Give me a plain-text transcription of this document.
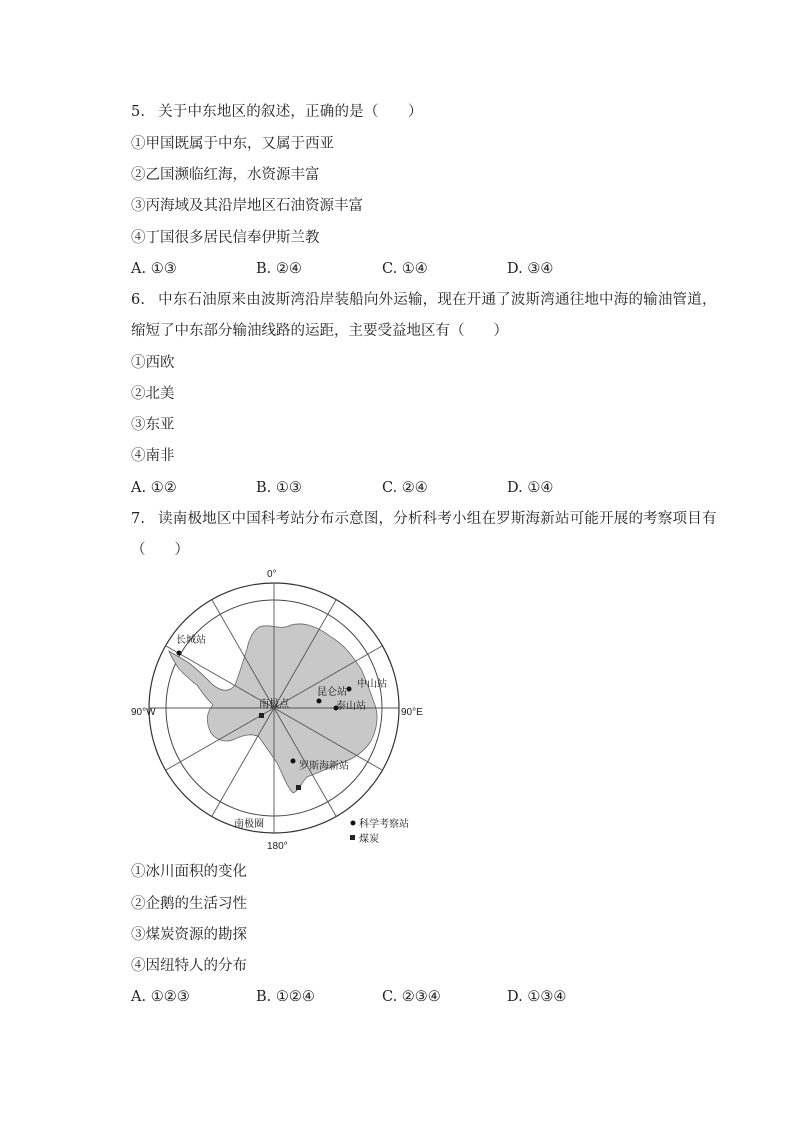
5. 关于中东地区的叙述，正确的是（　　）
①甲国既属于中东，又属于西亚
②乙国濒临红海，水资源丰富
③丙海域及其沿岸地区石油资源丰富
④丁国很多居民信奉伊斯兰教
A. ①③	B. ②④	C. ①④	D. ③④
6. 中东石油原来由波斯湾沿岸装船向外运输，现在开通了波斯湾通往地中海的输油管道，
缩短了中东部分输油线路的运距，主要受益地区有（　　）
①西欧
②北美
③东亚
④南非
A. ①②	B. ①③	C. ②④	D. ①④
7. 读南极地区中国科考站分布示意图，分析科考小组在罗斯海新站可能开展的考察项目有
（　　）
0°
90°W	90°E
180°
长城站
中山站
昆仑站
泰山站
南极点
罗斯海新站
南极圈	科学考察站
煤炭
①冰川面积的变化
②企鹅的生活习性
③煤炭资源的勘探
④因纽特人的分布
A. ①②③	B. ①②④	C. ②③④	D. ①③④
